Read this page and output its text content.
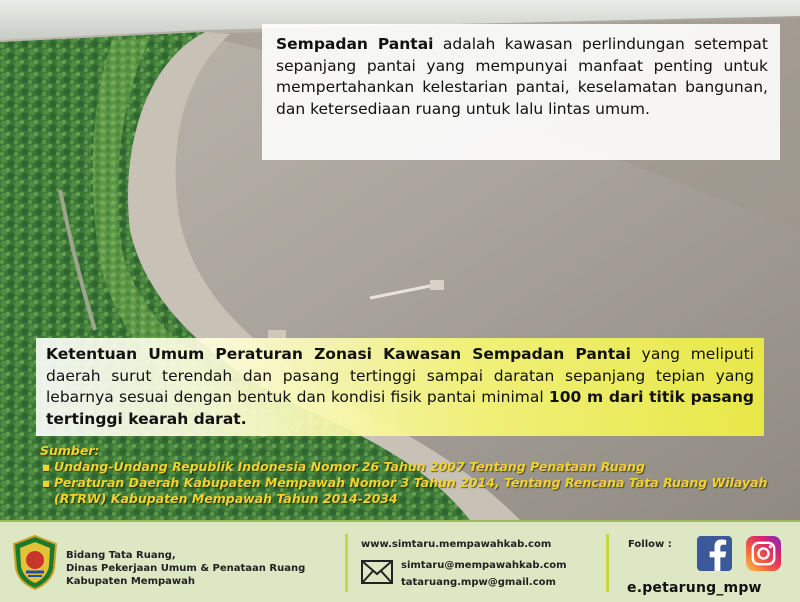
Sempadan Pantai adalah kawasan perlindungan setempat sepanjang pantai yang mempunyai manfaat penting untuk mempertahankan kelestarian pantai, keselamatan bangunan, dan ketersediaan ruang untuk lalu lintas umum.
Ketentuan Umum Peraturan Zonasi Kawasan Sempadan Pantai yang meliputi daerah surut terendah dan pasang tertinggi sampai daratan sepanjang tepian yang lebarnya sesuai dengan bentuk dan kondisi fisik pantai minimal 100 m dari titik pasang tertinggi kearah darat.
Sumber:
▪ Undang-Undang Republik Indonesia Nomor 26 Tahun 2007 Tentang Penataan Ruang
▪ Peraturan Daerah Kabupaten Mempawah Nomor 3 Tahun 2014, Tentang Rencana Tata Ruang Wilayah (RTRW) Kabupaten Mempawah Tahun 2014-2034
Bidang Tata Ruang,
Dinas Pekerjaan Umum & Penataan Ruang
Kabupaten Mempawah
www.simtaru.mempawahkab.com
simtaru@mempawahkab.com
tataruang.mpw@gmail.com
Follow :
e.petarung_mpw
